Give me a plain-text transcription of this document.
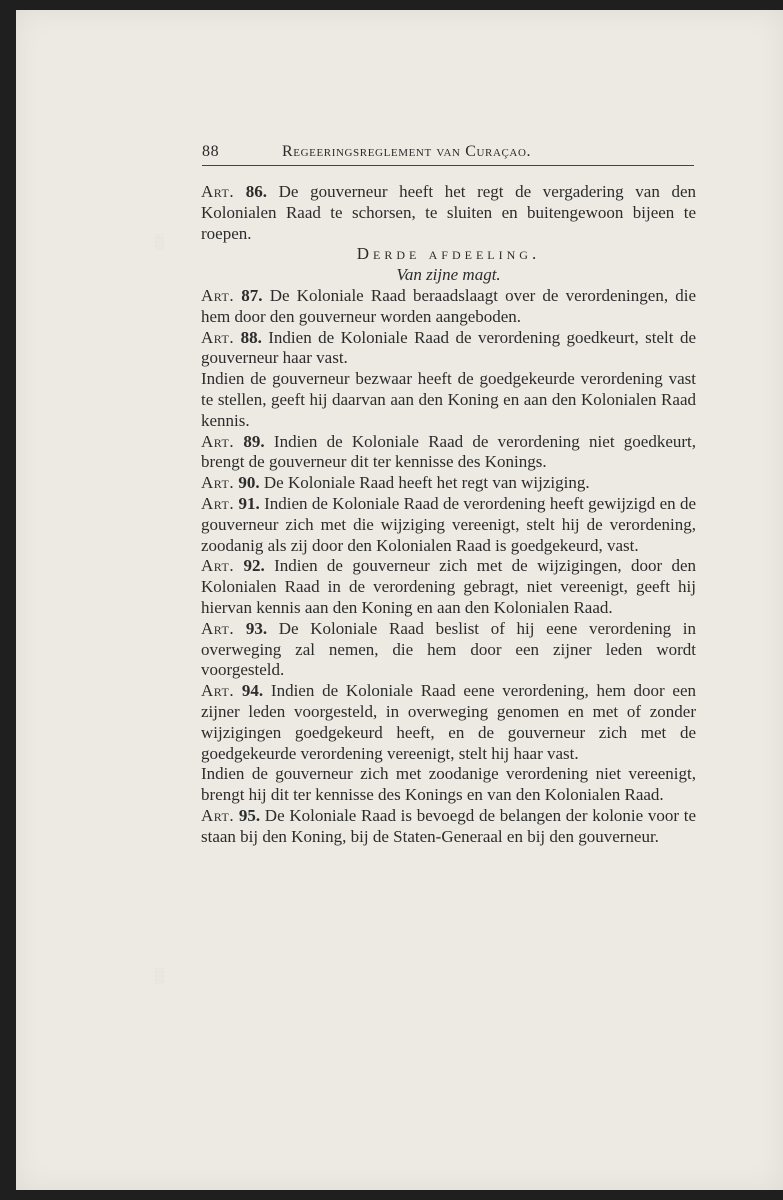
░
░
88	Regeeringsreglement van Curaçao.

Art. 86. De gouverneur heeft het regt de vergadering van den Kolonialen Raad te schorsen, te sluiten en buitengewoon bijeen te roepen.

Derde afdeeling.

Van zijne magt.

Art. 87. De Koloniale Raad beraadslaagt over de verordeningen, die hem door den gouverneur worden aangeboden.

Art. 88. Indien de Koloniale Raad de verordening goedkeurt, stelt de gouverneur haar vast.

Indien de gouverneur bezwaar heeft de goedgekeurde verordening vast te stellen, geeft hij daarvan aan den Koning en aan den Kolonialen Raad kennis.

Art. 89. Indien de Koloniale Raad de verordening niet goedkeurt, brengt de gouverneur dit ter kennisse des Konings.

Art. 90. De Koloniale Raad heeft het regt van wijziging.

Art. 91. Indien de Koloniale Raad de verordening heeft gewijzigd en de gouverneur zich met die wijziging vereenigt, stelt hij de verordening, zoodanig als zij door den Kolonialen Raad is goedgekeurd, vast.

Art. 92. Indien de gouverneur zich met de wijzigingen, door den Kolonialen Raad in de verordening gebragt, niet vereenigt, geeft hij hiervan kennis aan den Koning en aan den Kolonialen Raad.

Art. 93. De Koloniale Raad beslist of hij eene verordening in overweging zal nemen, die hem door een zijner leden wordt voorgesteld.

Art. 94. Indien de Koloniale Raad eene verordening, hem door een zijner leden voorgesteld, in overweging genomen en met of zonder wijzigingen goedgekeurd heeft, en de gouverneur zich met de goedgekeurde verordening vereenigt, stelt hij haar vast.

Indien de gouverneur zich met zoodanige verordening niet vereenigt, brengt hij dit ter kennisse des Konings en van den Kolonialen Raad.

Art. 95. De Koloniale Raad is bevoegd de belangen der kolonie voor te staan bij den Koning, bij de Staten-Generaal en bij den gouverneur.
